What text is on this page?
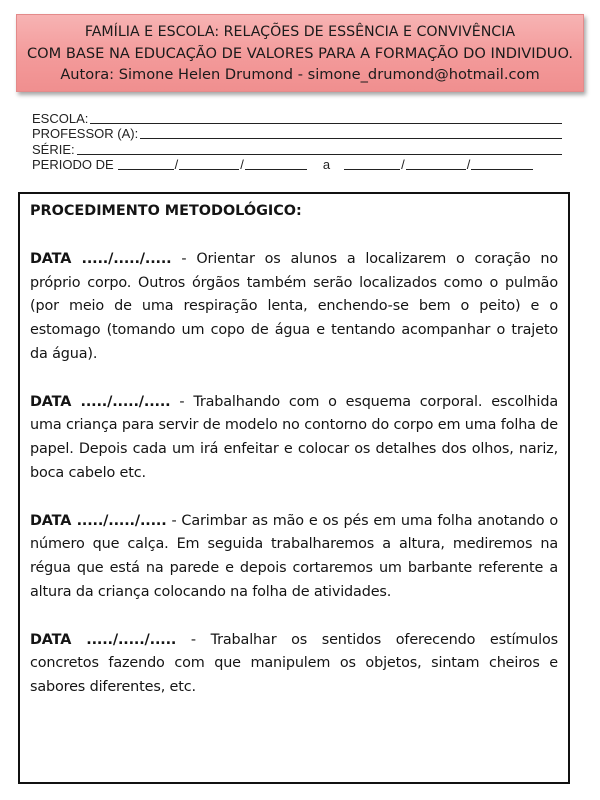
FAMÍLIA E ESCOLA: RELAÇÕES DE ESSÊNCIA E CONVIVÊNCIA
COM BASE NA EDUCAÇÃO DE VALORES PARA A FORMAÇÃO DO INDIVIDUO.
Autora: Simone Helen Drumond - simone_drumond@hotmail.com
ESCOLA:
PROFESSOR (A):
SÉRIE:
PERIODO DE	/	/	a	/	/

PROCEDIMENTO METODOLÓGICO:

DATA ...../...../..... - Orientar os alunos a localizarem o coração no próprio corpo. Outros órgãos também serão localizados como o pulmão (por meio de uma respiração lenta, enchendo-se bem o peito) e o estomago (tomando um copo de água e tentando acompanhar o trajeto da água).

DATA ...../...../..... - Trabalhando com o esquema corporal. escolhida uma criança para servir de modelo no contorno do corpo em uma folha de papel. Depois cada um irá enfeitar e colocar os detalhes dos olhos, nariz, boca cabelo etc.

DATA ...../...../..... - Carimbar as mão e os pés em uma folha anotando o número que calça. Em seguida trabalharemos a altura, mediremos na régua que está na parede e depois cortaremos um barbante referente a altura da criança colocando na folha de atividades.

DATA ...../...../..... - Trabalhar os sentidos oferecendo estímulos concretos fazendo com que manipulem os objetos, sintam cheiros e sabores diferentes, etc.
